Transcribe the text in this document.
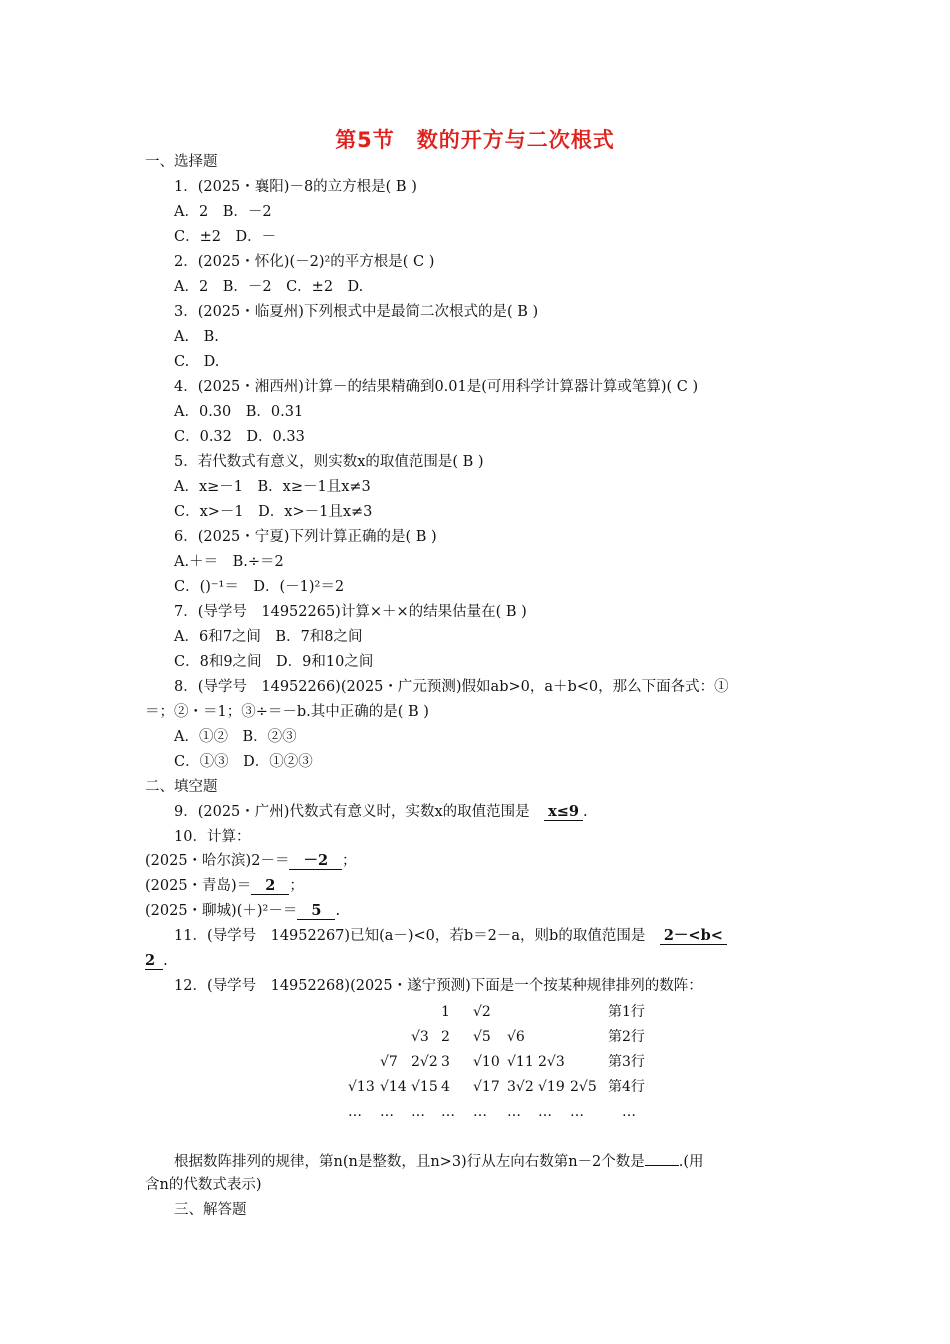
第5节　数的开方与二次根式
一、选择题
1．(2025・襄阳)－8的立方根是( B )
A．2　B．－2
C．±2　D．－
2．(2025・怀化)(－2)²的平方根是( C )
A．2　B．－2　C．±2　D.
3．(2025・临夏州)下列根式中是最简二次根式的是( B )
A.　B.
C.　D.
4．(2025・湘西州)计算－的结果精确到0.01是(可用科学计算器计算或笔算)( C )
A．0.30　B．0.31
C．0.32　D．0.33
5．若代数式有意义，则实数x的取值范围是( B )
A．x≥－1　B．x≥－1且x≠3
C．x>－1　D．x>－1且x≠3
6．(2025・宁夏)下列计算正确的是( B )
A.＋＝　B.÷＝2
C．()⁻¹＝　D．(－1)²＝2
7．(导学号　14952265)计算×＋×的结果估量在( B )
A．6和7之间　B．7和8之间
C．8和9之间　D．9和10之间
8．(导学号　14952266)(2025・广元预测)假如ab>0，a＋b<0，那么下面各式：①
＝；②・＝1；③÷＝－b.其中正确的是( B )
A．①②　B．②③
C．①③　D．①②③
二、填空题
9．(2025・广州)代数式有意义时，实数x的取值范围是　 x≤9 .
10．计算：
(2025・哈尔滨)2－＝ －2 ；
(2025・青岛)＝ 2 ；
(2025・聊城)(＋)²－＝ 5 .
11．(导学号　14952267)已知(a－)<0，若b＝2－a，则b的取值范围是　 2－<b<
2 .
12．(导学号　14952268)(2025・遂宁预测)下面是一个按某种规律排列的数阵：
1 √2	第1行
√3 2 √5 √6	第2行
√7 2√2 3 √10 √11 2√3	第3行
√13 √14 √15 4 √17 3√2 √19 2√5 第4行
… … … … … … … …	…
根据数阵排列的规律，第n(n是整数，且n>3)行从左向右数第n－2个数是 .(用
含n的代数式表示)
三、解答题
